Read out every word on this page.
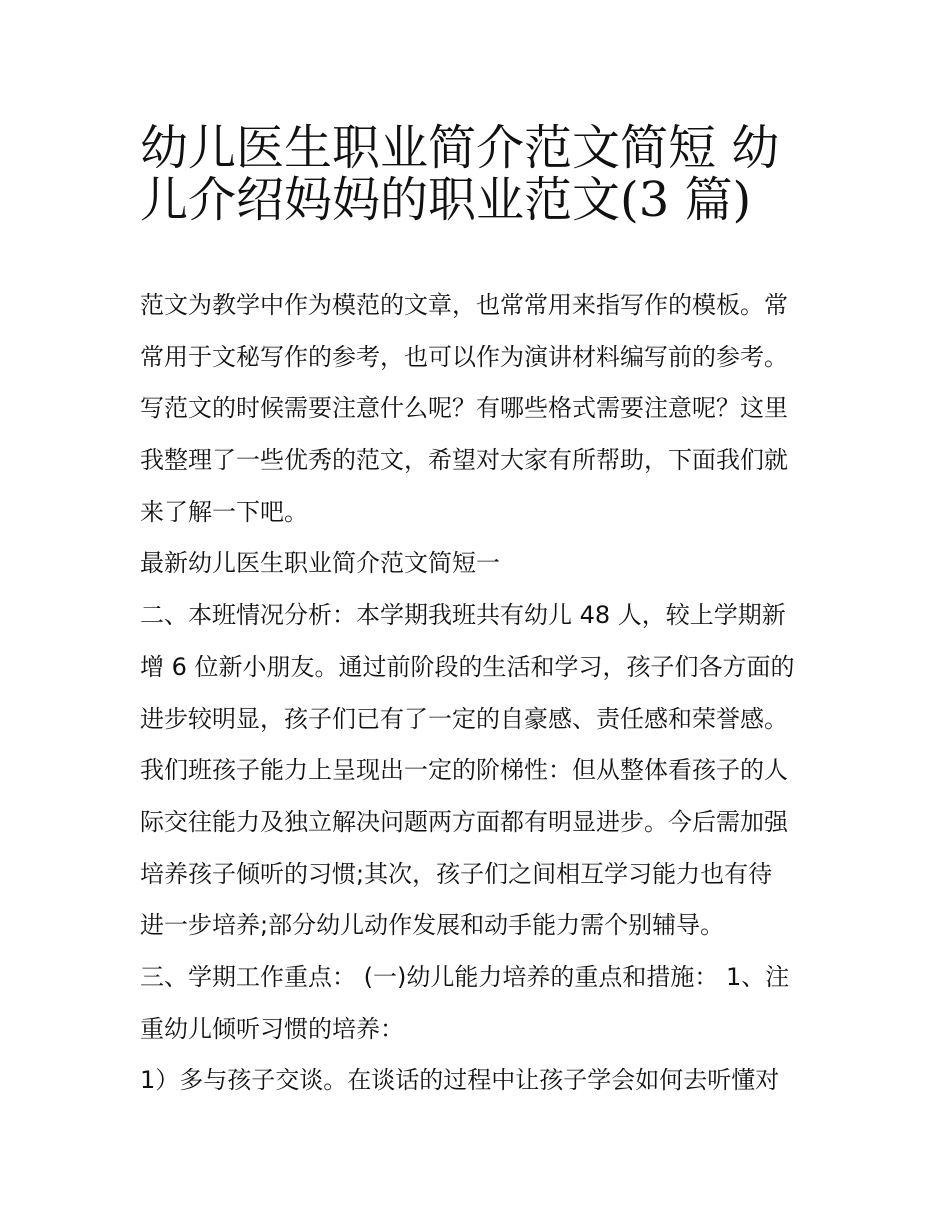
幼儿医生职业简介范文简短 幼
儿介绍妈妈的职业范文(3 篇)
范文为教学中作为模范的文章，也常常用来指写作的模板。常
常用于文秘写作的参考，也可以作为演讲材料编写前的参考。
写范文的时候需要注意什么呢？有哪些格式需要注意呢？这里
我整理了一些优秀的范文，希望对大家有所帮助，下面我们就
来了解一下吧。
最新幼儿医生职业简介范文简短一
二、本班情况分析：本学期我班共有幼儿 48 人，较上学期新
增 6 位新小朋友。通过前阶段的生活和学习，孩子们各方面的
进步较明显，孩子们已有了一定的自豪感、责任感和荣誉感。
我们班孩子能力上呈现出一定的阶梯性：但从整体看孩子的人
际交往能力及独立解决问题两方面都有明显进步。今后需加强
培养孩子倾听的习惯;其次，孩子们之间相互学习能力也有待
进一步培养;部分幼儿动作发展和动手能力需个别辅导。
三、学期工作重点： (一)幼儿能力培养的重点和措施： 1、注
重幼儿倾听习惯的培养：
1）多与孩子交谈。在谈话的过程中让孩子学会如何去听懂对
